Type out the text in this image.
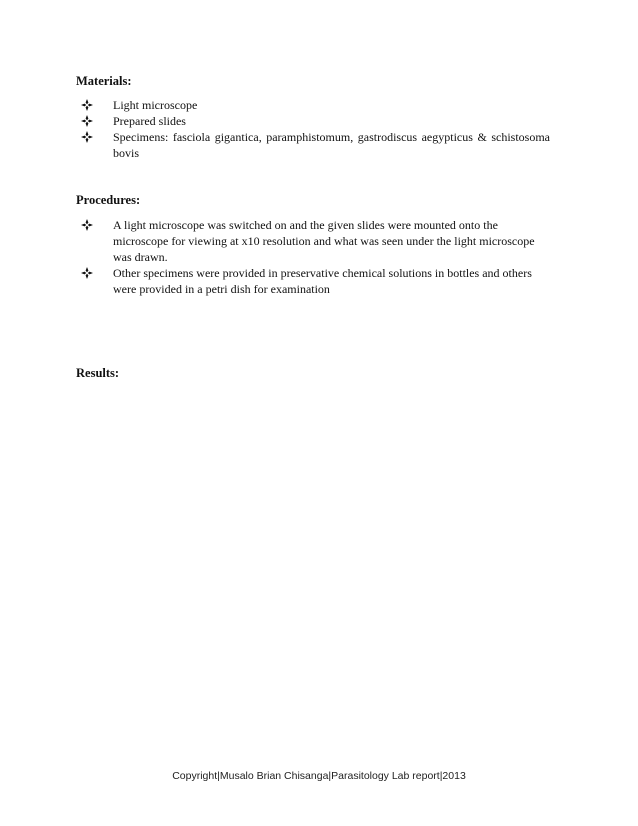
Materials:
Light microscope
Prepared slides
Specimens: fasciola gigantica, paramphistomum, gastrodiscus aegypticus & schistosoma bovis
Procedures:
A light microscope was switched on and the given slides were mounted onto the microscope for viewing at x10 resolution and what was seen under the light microscope was drawn.
Other specimens were provided in preservative chemical solutions in bottles and others were provided in a petri dish for examination
Results:
Copyright|Musalo Brian Chisanga|Parasitology Lab report|2013
